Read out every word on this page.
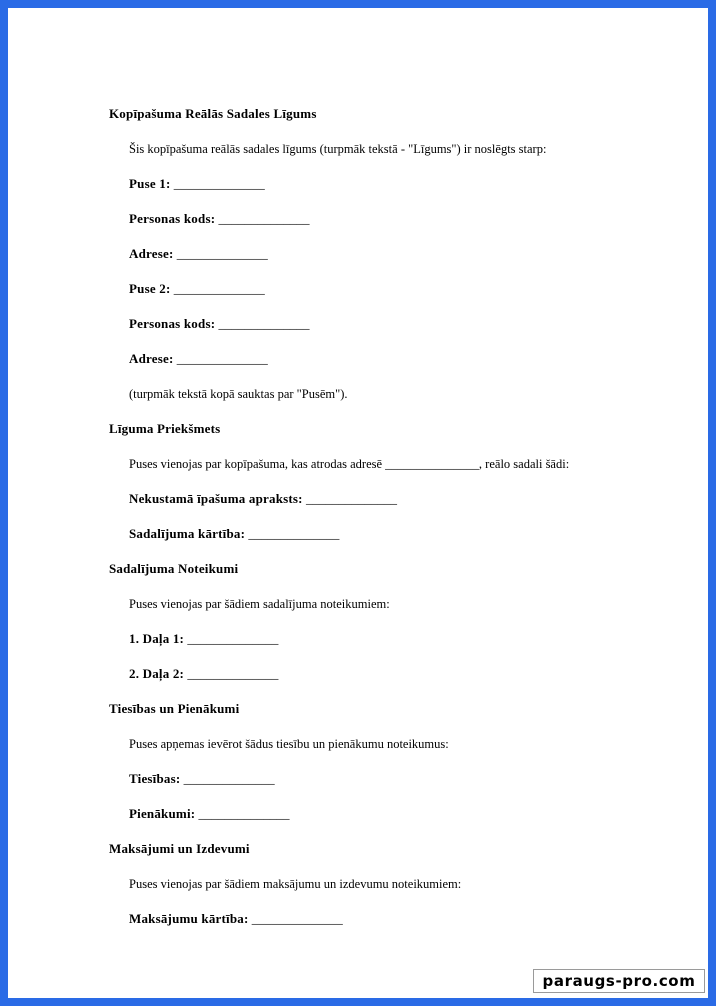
Kopīpašuma Reālās Sadales Līgums

Šis kopīpašuma reālās sadales līgums (turpmāk tekstā - "Līgums") ir noslēgts starp:

Puse 1: ______________

Personas kods: ______________

Adrese: ______________

Puse 2: ______________

Personas kods: ______________

Adrese: ______________

(turpmāk tekstā kopā sauktas par "Pusēm").

Līguma Priekšmets

Puses vienojas par kopīpašuma, kas atrodas adresē _______________, reālo sadali šādi:

Nekustamā īpašuma apraksts: ______________

Sadalījuma kārtība: ______________

Sadalījuma Noteikumi

Puses vienojas par šādiem sadalījuma noteikumiem:

1. Daļa 1: ______________

2. Daļa 2: ______________

Tiesības un Pienākumi

Puses apņemas ievērot šādus tiesību un pienākumu noteikumus:

Tiesības: ______________

Pienākumi: ______________

Maksājumi un Izdevumi

Puses vienojas par šādiem maksājumu un izdevumu noteikumiem:

Maksājumu kārtība: ______________

paraugs-pro.com
